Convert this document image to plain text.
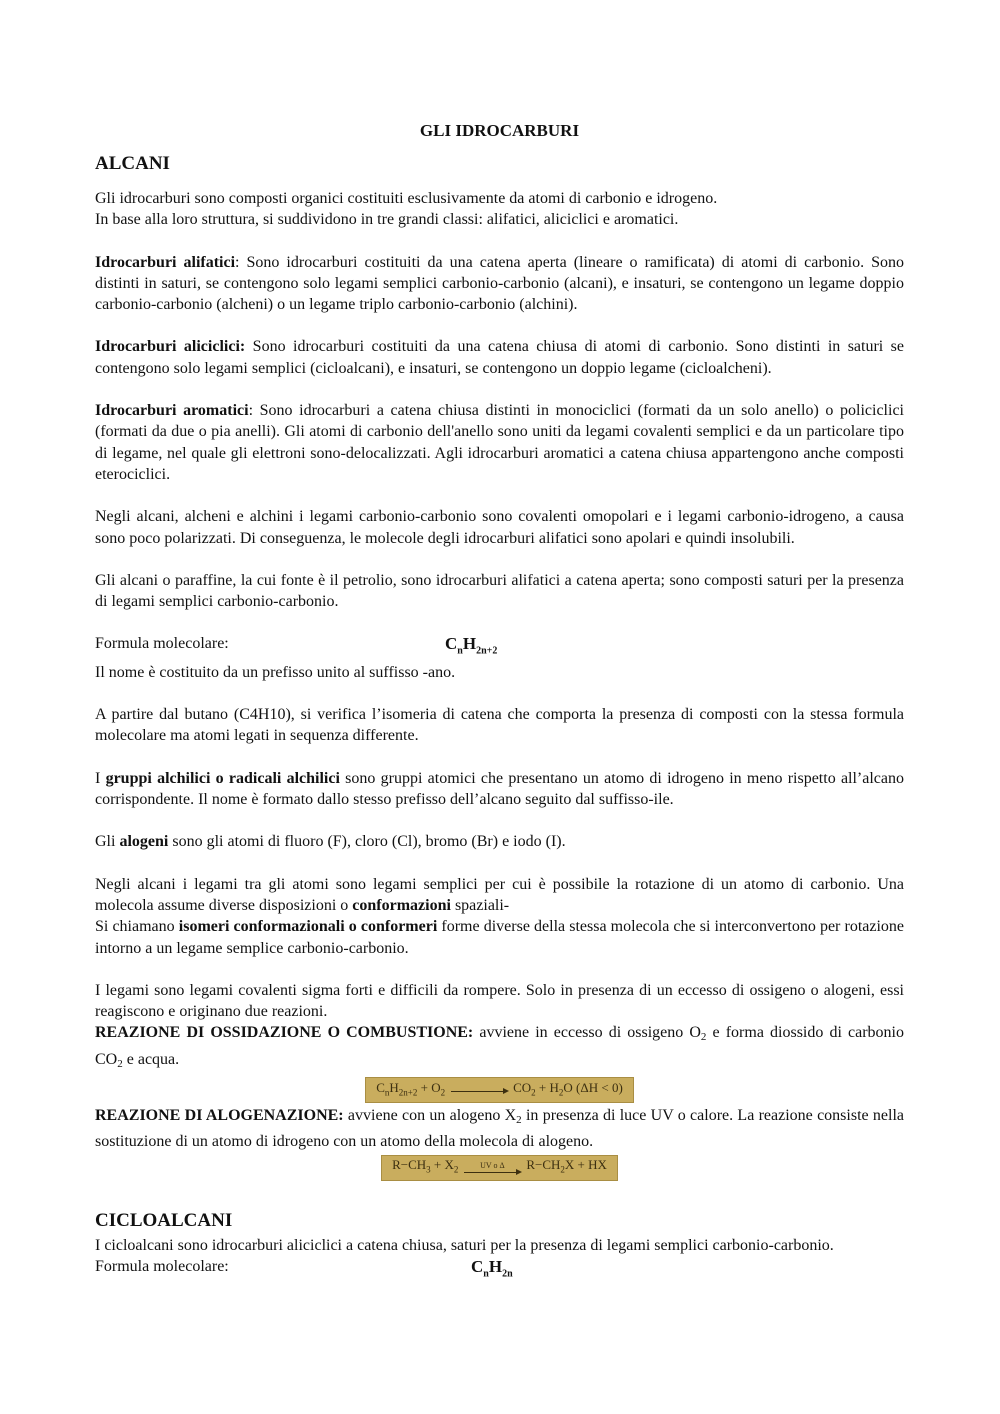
GLI IDROCARBURI
ALCANI

Gli idrocarburi sono composti organici costituiti esclusivamente da atomi di carbonio e idrogeno.

In base alla loro struttura, si suddividono in tre grandi classi: alifatici, aliciclici e aromatici.

Idrocarburi alifatici: Sono idrocarburi costituiti da una catena aperta (lineare o ramificata) di atomi di carbonio. Sono distinti in saturi, se contengono solo legami semplici carbonio-carbonio (alcani), e insaturi, se contengono un legame doppio carbonio-carbonio (alcheni) o un legame triplo carbonio-carbonio (alchini).

Idrocarburi aliciclici: Sono idrocarburi costituiti da una catena chiusa di atomi di carbonio. Sono distinti in saturi se contengono solo legami semplici (cicloalcani), e insaturi, se contengono un doppio legame (cicloalcheni).

Idrocarburi aromatici: Sono idrocarburi a catena chiusa distinti in monociclici (formati da un solo anello) o policiclici (formati da due o pia anelli). Gli atomi di carbonio dell'anello sono uniti da legami covalenti semplici e da un particolare tipo di legame, nel quale gli elettroni sono-delocalizzati. Agli idrocarburi aromatici a catena chiusa appartengono anche composti eterociclici.

Negli alcani, alcheni e alchini i legami carbonio-carbonio sono covalenti omopolari e i legami carbonio-idrogeno, a causa sono poco polarizzati. Di conseguenza, le molecole degli idrocarburi alifatici sono apolari e quindi insolubili.

Gli alcani o paraffine, la cui fonte è il petrolio, sono idrocarburi alifatici a catena aperta; sono composti saturi per la presenza di legami semplici carbonio-carbonio.

Formula molecolare:	$C_nH_{2n+2}$

Il nome è costituito da un prefisso unito al suffisso -ano.

A partire dal butano (C4H10), si verifica l’isomeria di catena che comporta la presenza di composti con la stessa formula molecolare ma atomi legati in sequenza differente.

I gruppi alchilici o radicali alchilici sono gruppi atomici che presentano un atomo di idrogeno in meno rispetto all’alcano corrispondente. Il nome è formato dallo stesso prefisso dell’alcano seguito dal suffisso-ile.

Gli alogeni sono gli atomi di fluoro (F), cloro (Cl), bromo (Br) e iodo (I).

Negli alcani i legami tra gli atomi sono legami semplici per cui è possibile la rotazione di un atomo di carbonio. Una molecola assume diverse disposizioni o conformazioni spaziali-

Si chiamano isomeri conformazionali o conformeri forme diverse della stessa molecola che si interconvertono per rotazione intorno a un legame semplice carbonio-carbonio.

I legami sono legami covalenti sigma forti e difficili da rompere. Solo in presenza di un eccesso di ossigeno o alogeni, essi reagiscono e originano due reazioni.

REAZIONE DI OSSIDAZIONE O COMBUSTIONE: avviene in eccesso di ossigeno $O_2$ e forma diossido di carbonio $CO_2$ e acqua.

$C_nH_{2n+2} + O_2$	$CO_2 + H_2O$ (ΔH < 0)

REAZIONE DI ALOGENAZIONE: avviene con un alogeno $X_2$ in presenza di luce UV o calore. La reazione consiste nella sostituzione di un atomo di idrogeno con un atomo della molecola di alogeno.

$R-CH_3 + X_2$	UV o Δ $R-CH_2X$ + HX
CICLOALCANI

I cicloalcani sono idrocarburi aliciclici a catena chiusa, saturi per la presenza di legami semplici carbonio-carbonio.

Formula molecolare:	$C_nH_{2n}$
